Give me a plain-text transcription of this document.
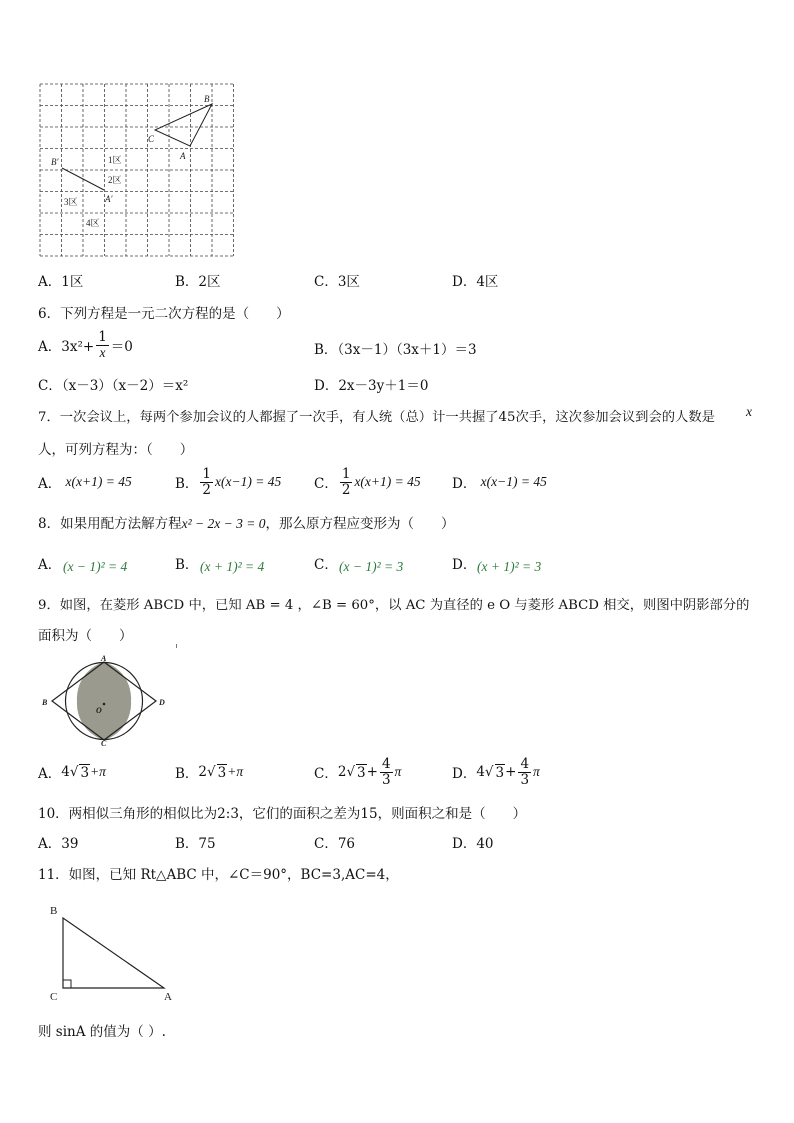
B
C
A
B'
A'
1区
2区
3区
4区
A．1区	B．2区	C．3区	D．4区
6．下列方程是一元二次方程的是（　　）
A．$3x^2+ \frac{1}{x} =0$	B．（3x－1）（3x＋1）＝3
C．（x－3）（x－2）＝x²	D．2x－3y＋1＝0
7．一次会议上，每两个参加会议的人都握了一次手，有人统（总）计一共握了45次手，这次参加会议到会的人数是 x
人，可列方程为：（　　）
A．
x(x+1) = 45	B． $\frac{1}{2} x(x-1) = 45$ C． $\frac{1}{2} x(x+1) = 45$ D．
x(x−1) = 45
8．如果用配方法解方程x² − 2x − 3 = 0，那么原方程应变形为（　　）
A． (x − 1)² = 4	B． (x + 1)² = 4	C． (x − 1)² = 3	D． (x + 1)² = 3
9．如图，在菱形 ABCD 中，已知 AB = 4 ，∠B = 60°，以 AC 为直径的 e O 与菱形 ABCD 相交，则图中阴影部分的
面积为（　　）
A
B
C
D
O
A． 4 √ 3 +π	B． 2 √ 3 +π	C． 2 √ $3 + \frac{4}{3}$ π	D． 4 √ $3 + \frac{4}{3}$ π
10．两相似三角形的相似比为2:3，它们的面积之差为15，则面积之和是（　　）
A．39	B．75	C．76	D．40
11．如图，已知 Rt△ABC 中，∠C＝90°，BC=3,AC=4，
B
C	A
则 sinA 的值为（ ）.
